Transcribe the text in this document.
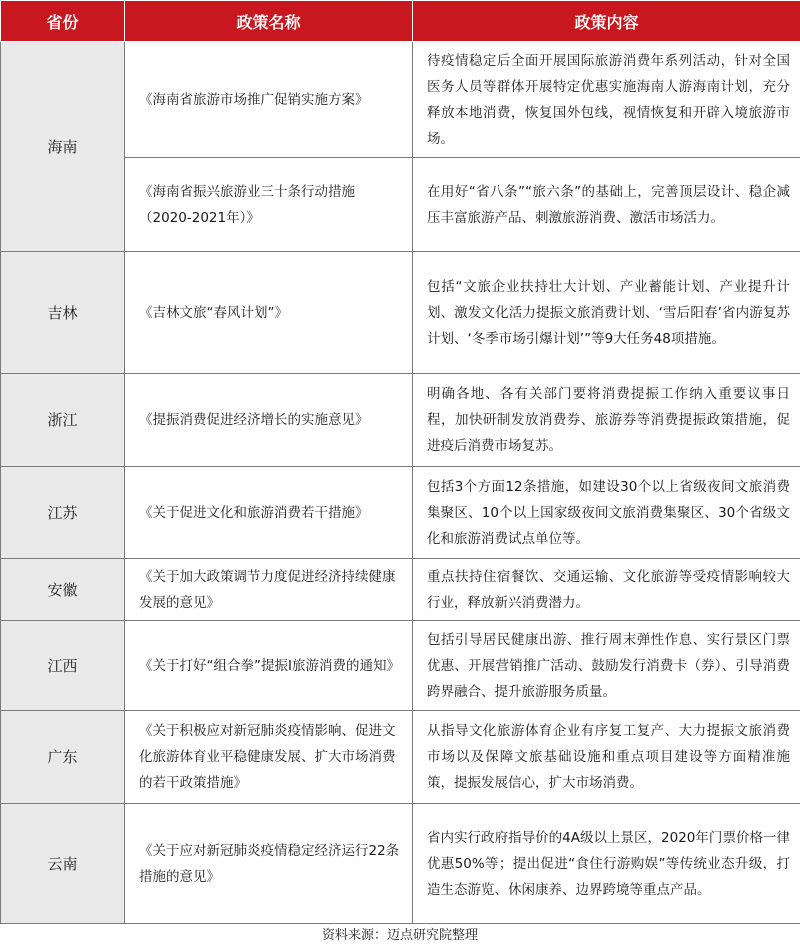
省份	政策名称	政策内容
海南	《海南省旅游市场推广促销实施方案》	待疫情稳定后全面开展国际旅游消费年系列活动，针对全国医务人员等群体开展特定优惠实施海南人游海南计划，充分释放本地消费，恢复国外包线，视情恢复和开辟入境旅游市场。
	《海南省振兴旅游业三十条行动措施（2020-2021年）》	在用好“省八条”“旅六条”的基础上，完善顶层设计、稳企减压丰富旅游产品、刺激旅游消费、激活市场活力。
吉林	《吉林文旅“春风计划”》	包括“文旅企业扶持壮大计划、产业蓄能计划、产业提升计划、激发文化活力提振文旅消费计划、‘雪后阳春’省内游复苏计划、‘冬季市场引爆计划’”等9大任务48项措施。
浙江	《提振消费促进经济增长的实施意见》	明确各地、各有关部门要将消费提振工作纳入重要议事日程，加快研制发放消费券、旅游券等消费提振政策措施，促进疫后消费市场复苏。
江苏	《关于促进文化和旅游消费若干措施》	包括3个方面12条措施，如建设30个以上省级夜间文旅消费集聚区、10个以上国家级夜间文旅消费集聚区、30个省级文化和旅游消费试点单位等。
安徽	《关于加大政策调节力度促进经济持续健康发展的意见》	重点扶持住宿餐饮、交通运输、文化旅游等受疫情影响较大行业，释放新兴消费潜力。
江西	《关于打好“组合拳”提振Ⅰ旅游消费的通知》	包括引导居民健康出游、推行周末弹性作息、实行景区门票优惠、开展营销推广活动、鼓励发行消费卡（券）、引导消费跨界融合、提升旅游服务质量。
广东	《关于积极应对新冠肺炎疫情影响、促进文化旅游体育业平稳健康发展、扩大市场消费的若干政策措施》	从指导文化旅游体育企业有序复工复产、大力提振文旅消费市场以及保障文旅基础设施和重点项目建设等方面精准施策，提振发展信心，扩大市场消费。
云南	《关于应对新冠肺炎疫情稳定经济运行22条措施的意见》	省内实行政府指导价的4A级以上景区，2020年门票价格一律优惠50%等；提出促进“食住行游购娱”等传统业态升级，打造生态游览、休闲康养、边界跨境等重点产品。
资料来源：迈点研究院整理
